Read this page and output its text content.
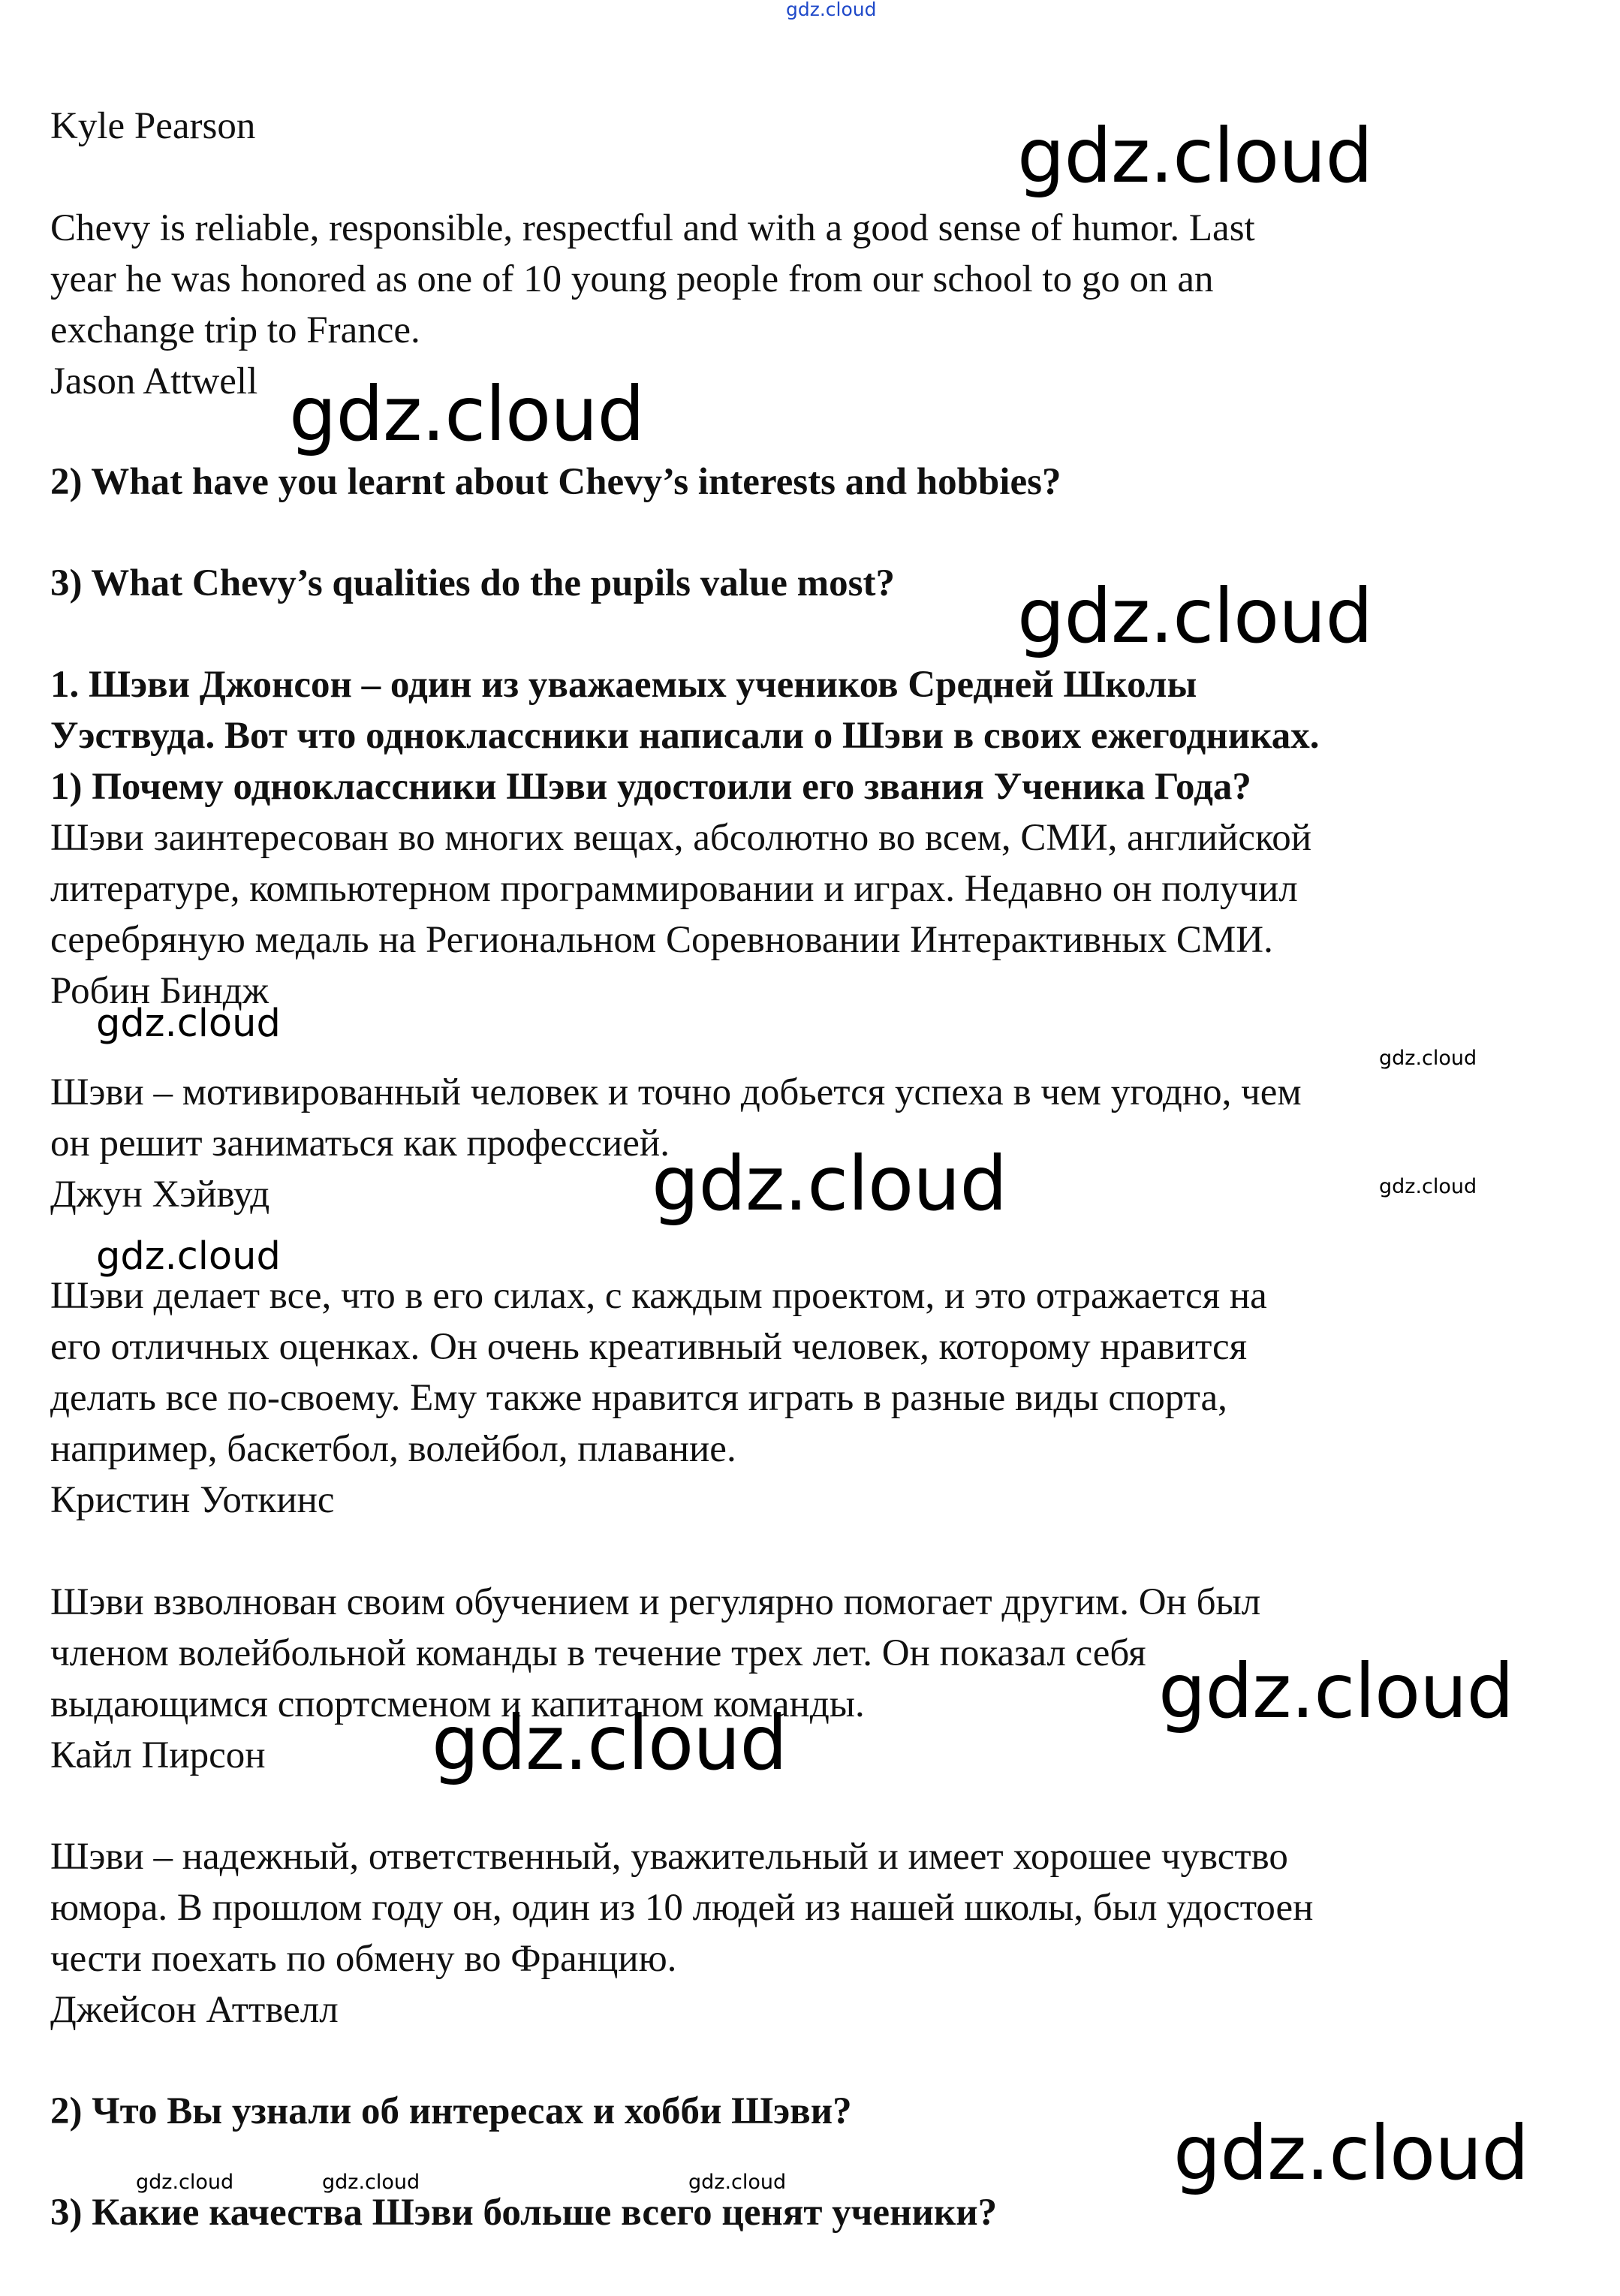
gdz.cloud
Kyle Pearson
Chevy is reliable, responsible, respectful and with a good sense of humor. Last
year he was honored as one of 10 young people from our school to go on an
exchange trip to France.
Jason Attwell
2) What have you learnt about Chevy’s interests and hobbies?
3) What Chevy’s qualities do the pupils value most?
1. Шэви Джонсон – один из уважаемых учеников Средней Школы
Уэствуда. Вот что одноклассники написали о Шэви в своих ежегодниках.
1) Почему одноклассники Шэви удостоили его звания Ученика Года?
Шэви заинтересован во многих вещах, абсолютно во всем, СМИ, английской
литературе, компьютерном программировании и играх. Недавно он получил
серебряную медаль на Региональном Соревновании Интерактивных СМИ.
Робин Биндж
Шэви – мотивированный человек и точно добьется успеха в чем угодно, чем
он решит заниматься как профессией.
Джун Хэйвуд
Шэви делает все, что в его силах, с каждым проектом, и это отражается на
его отличных оценках. Он очень креативный человек, которому нравится
делать все по-своему. Ему также нравится играть в разные виды спорта,
например, баскетбол, волейбол, плавание.
Кристин Уоткинс
Шэви взволнован своим обучением и регулярно помогает другим. Он был
членом волейбольной команды в течение трех лет. Он показал себя
выдающимся спортсменом и капитаном команды.
Кайл Пирсон
Шэви – надежный, ответственный, уважительный и имеет хорошее чувство
юмора. В прошлом году он, один из 10 людей из нашей школы, был удостоен
чести поехать по обмену во Францию.
Джейсон Аттвелл
2) Что Вы узнали об интересах и хобби Шэви?
3) Какие качества Шэви больше всего ценят ученики?
gdz.cloud
gdz.cloud
gdz.cloud
gdz.cloud
gdz.cloud
gdz.cloud	gdz.cloud
gdz.cloud
gdz.cloud
gdz.cloud
gdz.cloud
gdz.cloud	gdz.cloud	gdz.cloud
